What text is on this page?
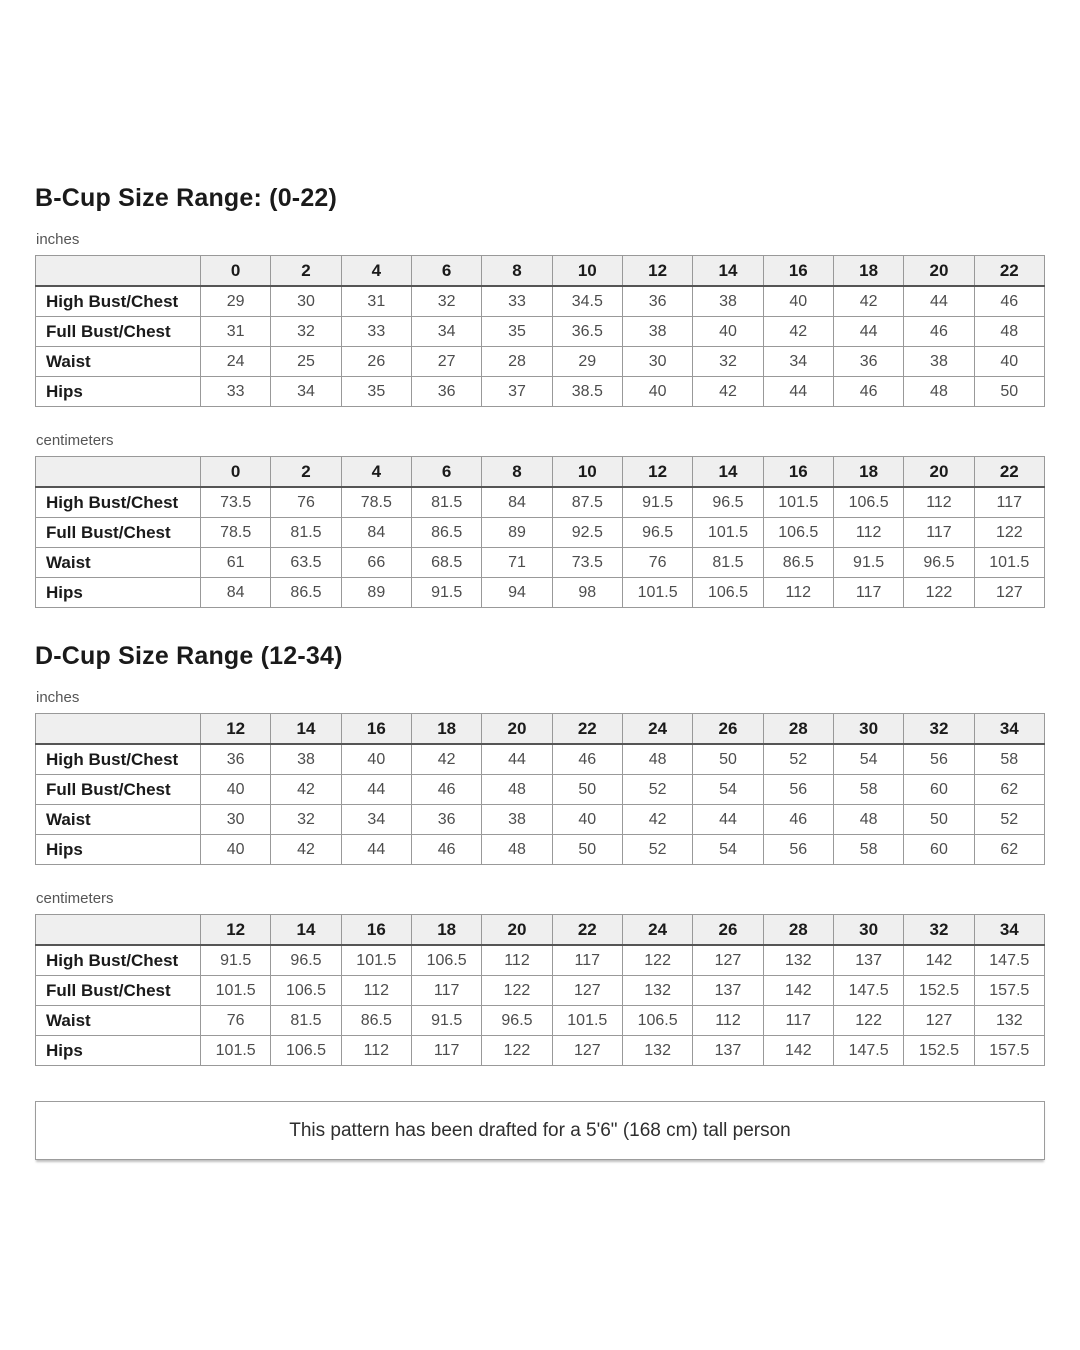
B-Cup Size Range: (0-22)
inches
	0	2	4	6	8	10	12	14	16	18	20	22
High Bust/Chest	29	30	31	32	33	34.5	36	38	40	42	44	46
Full Bust/Chest	31	32	33	34	35	36.5	38	40	42	44	46	48
Waist	24	25	26	27	28	29	30	32	34	36	38	40
Hips	33	34	35	36	37	38.5	40	42	44	46	48	50
centimeters
	0	2	4	6	8	10	12	14	16	18	20	22
High Bust/Chest	73.5	76	78.5	81.5	84	87.5	91.5	96.5	101.5	106.5	112	117
Full Bust/Chest	78.5	81.5	84	86.5	89	92.5	96.5	101.5	106.5	112	117	122
Waist	61	63.5	66	68.5	71	73.5	76	81.5	86.5	91.5	96.5	101.5
Hips	84	86.5	89	91.5	94	98	101.5	106.5	112	117	122	127
D-Cup Size Range (12-34)
inches
	12	14	16	18	20	22	24	26	28	30	32	34
High Bust/Chest	36	38	40	42	44	46	48	50	52	54	56	58
Full Bust/Chest	40	42	44	46	48	50	52	54	56	58	60	62
Waist	30	32	34	36	38	40	42	44	46	48	50	52
Hips	40	42	44	46	48	50	52	54	56	58	60	62
centimeters
	12	14	16	18	20	22	24	26	28	30	32	34
High Bust/Chest	91.5	96.5	101.5	106.5	112	117	122	127	132	137	142	147.5
Full Bust/Chest	101.5	106.5	112	117	122	127	132	137	142	147.5	152.5	157.5
Waist	76	81.5	86.5	91.5	96.5	101.5	106.5	112	117	122	127	132
Hips	101.5	106.5	112	117	122	127	132	137	142	147.5	152.5	157.5
This pattern has been drafted for a 5'6" (168 cm) tall person
